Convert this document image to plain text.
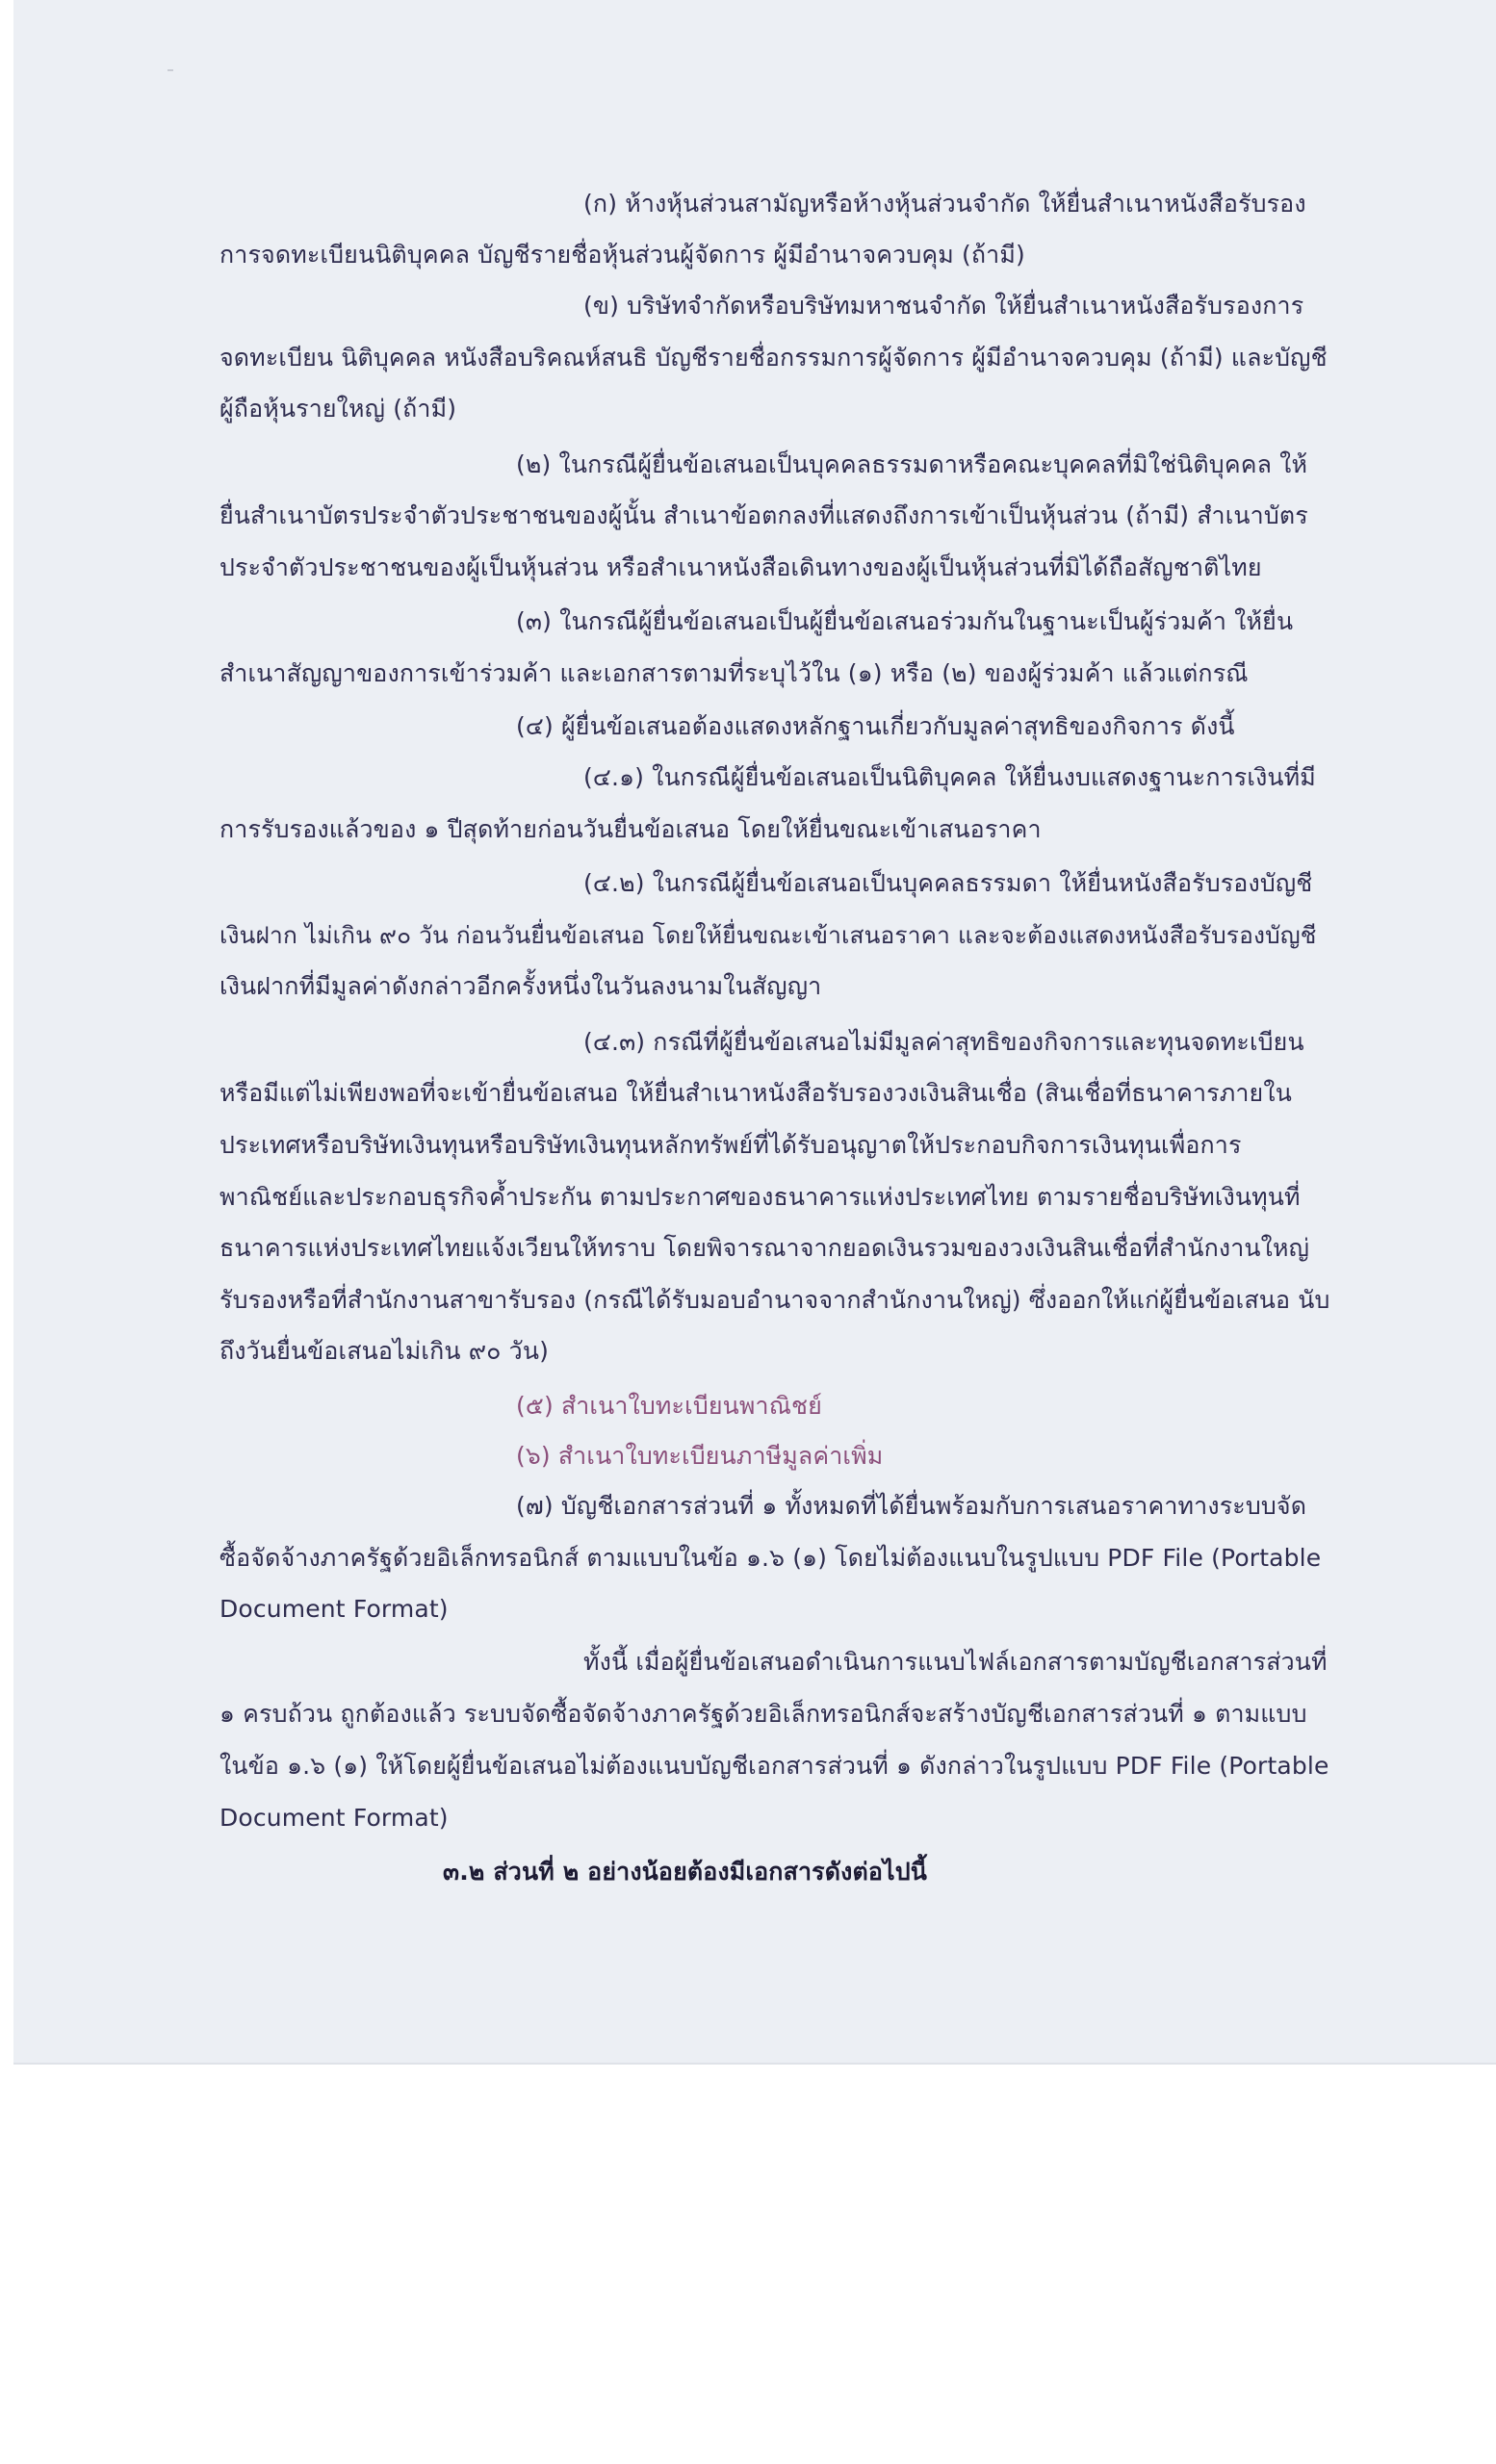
(ก) ห้างหุ้นส่วนสามัญหรือห้างหุ้นส่วนจำกัด ให้ยื่นสำเนาหนังสือรับรอง
การจดทะเบียนนิติบุคคล บัญชีรายชื่อหุ้นส่วนผู้จัดการ ผู้มีอำนาจควบคุม (ถ้ามี)
(ข) บริษัทจำกัดหรือบริษัทมหาชนจำกัด ให้ยื่นสำเนาหนังสือรับรองการ
จดทะเบียน นิติบุคคล หนังสือบริคณห์สนธิ บัญชีรายชื่อกรรมการผู้จัดการ ผู้มีอำนาจควบคุม (ถ้ามี) และบัญชี
ผู้ถือหุ้นรายใหญ่ (ถ้ามี)
(๒) ในกรณีผู้ยื่นข้อเสนอเป็นบุคคลธรรมดาหรือคณะบุคคลที่มิใช่นิติบุคคล ให้
ยื่นสำเนาบัตรประจำตัวประชาชนของผู้นั้น สำเนาข้อตกลงที่แสดงถึงการเข้าเป็นหุ้นส่วน (ถ้ามี) สำเนาบัตร
ประจำตัวประชาชนของผู้เป็นหุ้นส่วน หรือสำเนาหนังสือเดินทางของผู้เป็นหุ้นส่วนที่มิได้ถือสัญชาติไทย
(๓) ในกรณีผู้ยื่นข้อเสนอเป็นผู้ยื่นข้อเสนอร่วมกันในฐานะเป็นผู้ร่วมค้า ให้ยื่น
สำเนาสัญญาของการเข้าร่วมค้า และเอกสารตามที่ระบุไว้ใน (๑) หรือ (๒) ของผู้ร่วมค้า แล้วแต่กรณี
(๔) ผู้ยื่นข้อเสนอต้องแสดงหลักฐานเกี่ยวกับมูลค่าสุทธิของกิจการ ดังนี้
(๔.๑) ในกรณีผู้ยื่นข้อเสนอเป็นนิติบุคคล ให้ยื่นงบแสดงฐานะการเงินที่มี
การรับรองแล้วของ ๑ ปีสุดท้ายก่อนวันยื่นข้อเสนอ โดยให้ยื่นขณะเข้าเสนอราคา
(๔.๒) ในกรณีผู้ยื่นข้อเสนอเป็นบุคคลธรรมดา ให้ยื่นหนังสือรับรองบัญชี
เงินฝาก ไม่เกิน ๙๐ วัน ก่อนวันยื่นข้อเสนอ โดยให้ยื่นขณะเข้าเสนอราคา และจะต้องแสดงหนังสือรับรองบัญชี
เงินฝากที่มีมูลค่าดังกล่าวอีกครั้งหนึ่งในวันลงนามในสัญญา
(๔.๓) กรณีที่ผู้ยื่นข้อเสนอไม่มีมูลค่าสุทธิของกิจการและทุนจดทะเบียน
หรือมีแต่ไม่เพียงพอที่จะเข้ายื่นข้อเสนอ ให้ยื่นสำเนาหนังสือรับรองวงเงินสินเชื่อ (สินเชื่อที่ธนาคารภายใน
ประเทศหรือบริษัทเงินทุนหรือบริษัทเงินทุนหลักทรัพย์ที่ได้รับอนุญาตให้ประกอบกิจการเงินทุนเพื่อการ
พาณิชย์และประกอบธุรกิจค้ำประกัน ตามประกาศของธนาคารแห่งประเทศไทย ตามรายชื่อบริษัทเงินทุนที่
ธนาคารแห่งประเทศไทยแจ้งเวียนให้ทราบ โดยพิจารณาจากยอดเงินรวมของวงเงินสินเชื่อที่สำนักงานใหญ่
รับรองหรือที่สำนักงานสาขารับรอง (กรณีได้รับมอบอำนาจจากสำนักงานใหญ่) ซึ่งออกให้แก่ผู้ยื่นข้อเสนอ นับ
ถึงวันยื่นข้อเสนอไม่เกิน ๙๐ วัน)
(๕) สำเนาใบทะเบียนพาณิชย์
(๖) สำเนาใบทะเบียนภาษีมูลค่าเพิ่ม
(๗) บัญชีเอกสารส่วนที่ ๑ ทั้งหมดที่ได้ยื่นพร้อมกับการเสนอราคาทางระบบจัด
ซื้อจัดจ้างภาครัฐด้วยอิเล็กทรอนิกส์ ตามแบบในข้อ ๑.๖ (๑) โดยไม่ต้องแนบในรูปแบบ PDF File (Portable
Document Format)
ทั้งนี้ เมื่อผู้ยื่นข้อเสนอดำเนินการแนบไฟล์เอกสารตามบัญชีเอกสารส่วนที่
๑ ครบถ้วน ถูกต้องแล้ว ระบบจัดซื้อจัดจ้างภาครัฐด้วยอิเล็กทรอนิกส์จะสร้างบัญชีเอกสารส่วนที่ ๑ ตามแบบ
ในข้อ ๑.๖ (๑) ให้โดยผู้ยื่นข้อเสนอไม่ต้องแนบบัญชีเอกสารส่วนที่ ๑ ดังกล่าวในรูปแบบ PDF File (Portable
Document Format)
๓.๒ ส่วนที่ ๒ อย่างน้อยต้องมีเอกสารดังต่อไปนี้
